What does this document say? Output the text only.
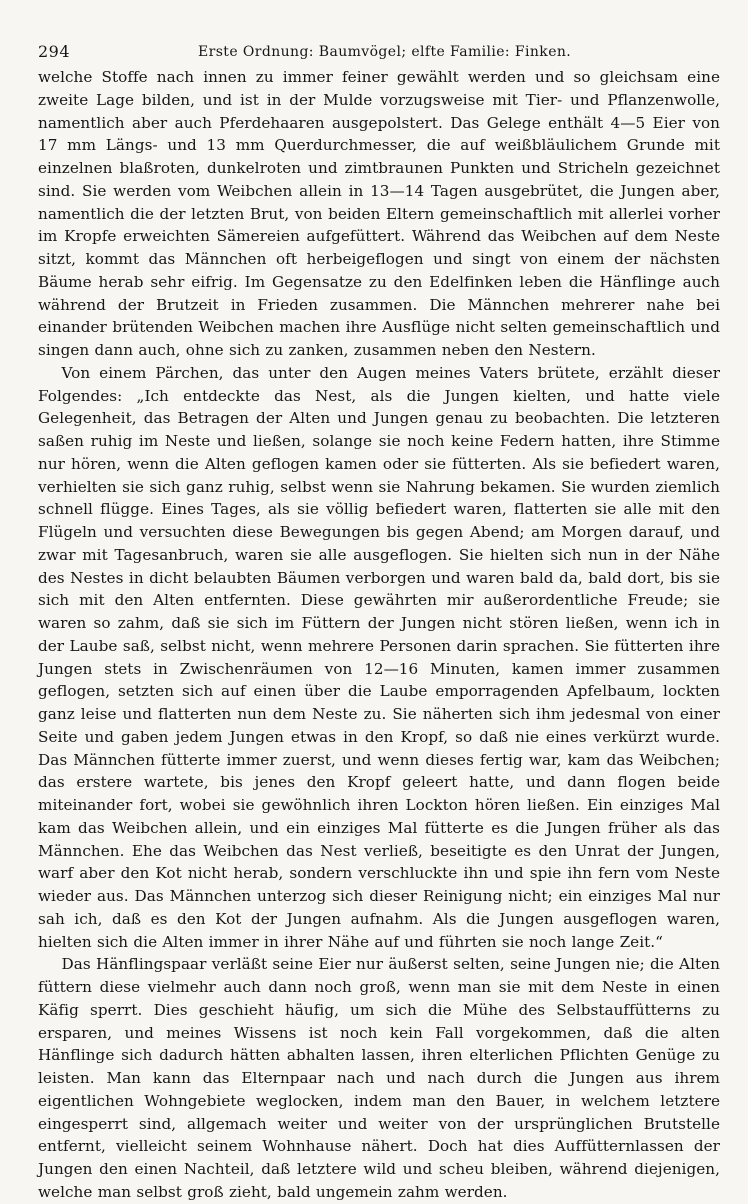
294	Erste Ordnung: Baumvögel; elfte Familie: Finken.

welche Stoffe nach innen zu immer feiner gewählt werden und so gleichsam eine zweite Lage bilden, und ist in der Mulde vorzugsweise mit Tier- und Pflanzenwolle, namentlich aber auch Pferdehaaren ausgepolstert. Das Gelege enthält 4—5 Eier von 17 mm Längs- und 13 mm Querdurchmesser, die auf weißbläulichem Grunde mit einzelnen blaßroten, dunkelroten und zimtbraunen Punkten und Stricheln gezeichnet sind. Sie werden vom Weibchen allein in 13—14 Tagen ausgebrütet, die Jungen aber, namentlich die der letzten Brut, von beiden Eltern gemeinschaftlich mit allerlei vorher im Kropfe erweichten Sämereien aufgefüttert. Während das Weibchen auf dem Neste sitzt, kommt das Männchen oft herbeigeflogen und singt von einem der nächsten Bäume herab sehr eifrig. Im Gegensatze zu den Edelfinken leben die Hänflinge auch während der Brutzeit in Frieden zusammen. Die Männchen mehrerer nahe bei einander brütenden Weibchen machen ihre Ausflüge nicht selten gemeinschaftlich und singen dann auch, ohne sich zu zanken, zusammen neben den Nestern.

Von einem Pärchen, das unter den Augen meines Vaters brütete, erzählt dieser Folgendes: „Ich entdeckte das Nest, als die Jungen kielten, und hatte viele Gelegenheit, das Betragen der Alten und Jungen genau zu beobachten. Die letzteren saßen ruhig im Neste und ließen, solange sie noch keine Federn hatten, ihre Stimme nur hören, wenn die Alten geflogen kamen oder sie fütterten. Als sie befiedert waren, verhielten sie sich ganz ruhig, selbst wenn sie Nahrung bekamen. Sie wurden ziemlich schnell flügge. Eines Tages, als sie völlig befiedert waren, flatterten sie alle mit den Flügeln und versuchten diese Bewegungen bis gegen Abend; am Morgen darauf, und zwar mit Tagesanbruch, waren sie alle ausgeflogen. Sie hielten sich nun in der Nähe des Nestes in dicht belaubten Bäumen verborgen und waren bald da, bald dort, bis sie sich mit den Alten entfernten. Diese gewährten mir außerordentliche Freude; sie waren so zahm, daß sie sich im Füttern der Jungen nicht stören ließen, wenn ich in der Laube saß, selbst nicht, wenn mehrere Personen darin sprachen. Sie fütterten ihre Jungen stets in Zwischenräumen von 12—16 Minuten, kamen immer zusammen geflogen, setzten sich auf einen über die Laube emporragenden Apfelbaum, lockten ganz leise und flatterten nun dem Neste zu. Sie näherten sich ihm jedesmal von einer Seite und gaben jedem Jungen etwas in den Kropf, so daß nie eines verkürzt wurde. Das Männchen fütterte immer zuerst, und wenn dieses fertig war, kam das Weibchen; das erstere wartete, bis jenes den Kropf geleert hatte, und dann flogen beide miteinander fort, wobei sie gewöhnlich ihren Lockton hören ließen. Ein einziges Mal kam das Weibchen allein, und ein einziges Mal fütterte es die Jungen früher als das Männchen. Ehe das Weibchen das Nest verließ, beseitigte es den Unrat der Jungen, warf aber den Kot nicht herab, sondern verschluckte ihn und spie ihn fern vom Neste wieder aus. Das Männchen unterzog sich dieser Reinigung nicht; ein einziges Mal nur sah ich, daß es den Kot der Jungen aufnahm. Als die Jungen ausgeflogen waren, hielten sich die Alten immer in ihrer Nähe auf und führten sie noch lange Zeit.“

Das Hänflingspaar verläßt seine Eier nur äußerst selten, seine Jungen nie; die Alten füttern diese vielmehr auch dann noch groß, wenn man sie mit dem Neste in einen Käfig sperrt. Dies geschieht häufig, um sich die Mühe des Selbstauffütterns zu ersparen, und meines Wissens ist noch kein Fall vorgekommen, daß die alten Hänflinge sich dadurch hätten abhalten lassen, ihren elterlichen Pflichten Genüge zu leisten. Man kann das Elternpaar nach und nach durch die Jungen aus ihrem eigentlichen Wohngebiete weglocken, indem man den Bauer, in welchem letztere eingesperrt sind, allgemach weiter und weiter von der ursprünglichen Brutstelle entfernt, vielleicht seinem Wohnhause nähert. Doch hat dies Auffütternlassen der Jungen den einen Nachteil, daß letztere wild und scheu bleiben, während diejenigen, welche man selbst groß zieht, bald ungemein zahm werden.
